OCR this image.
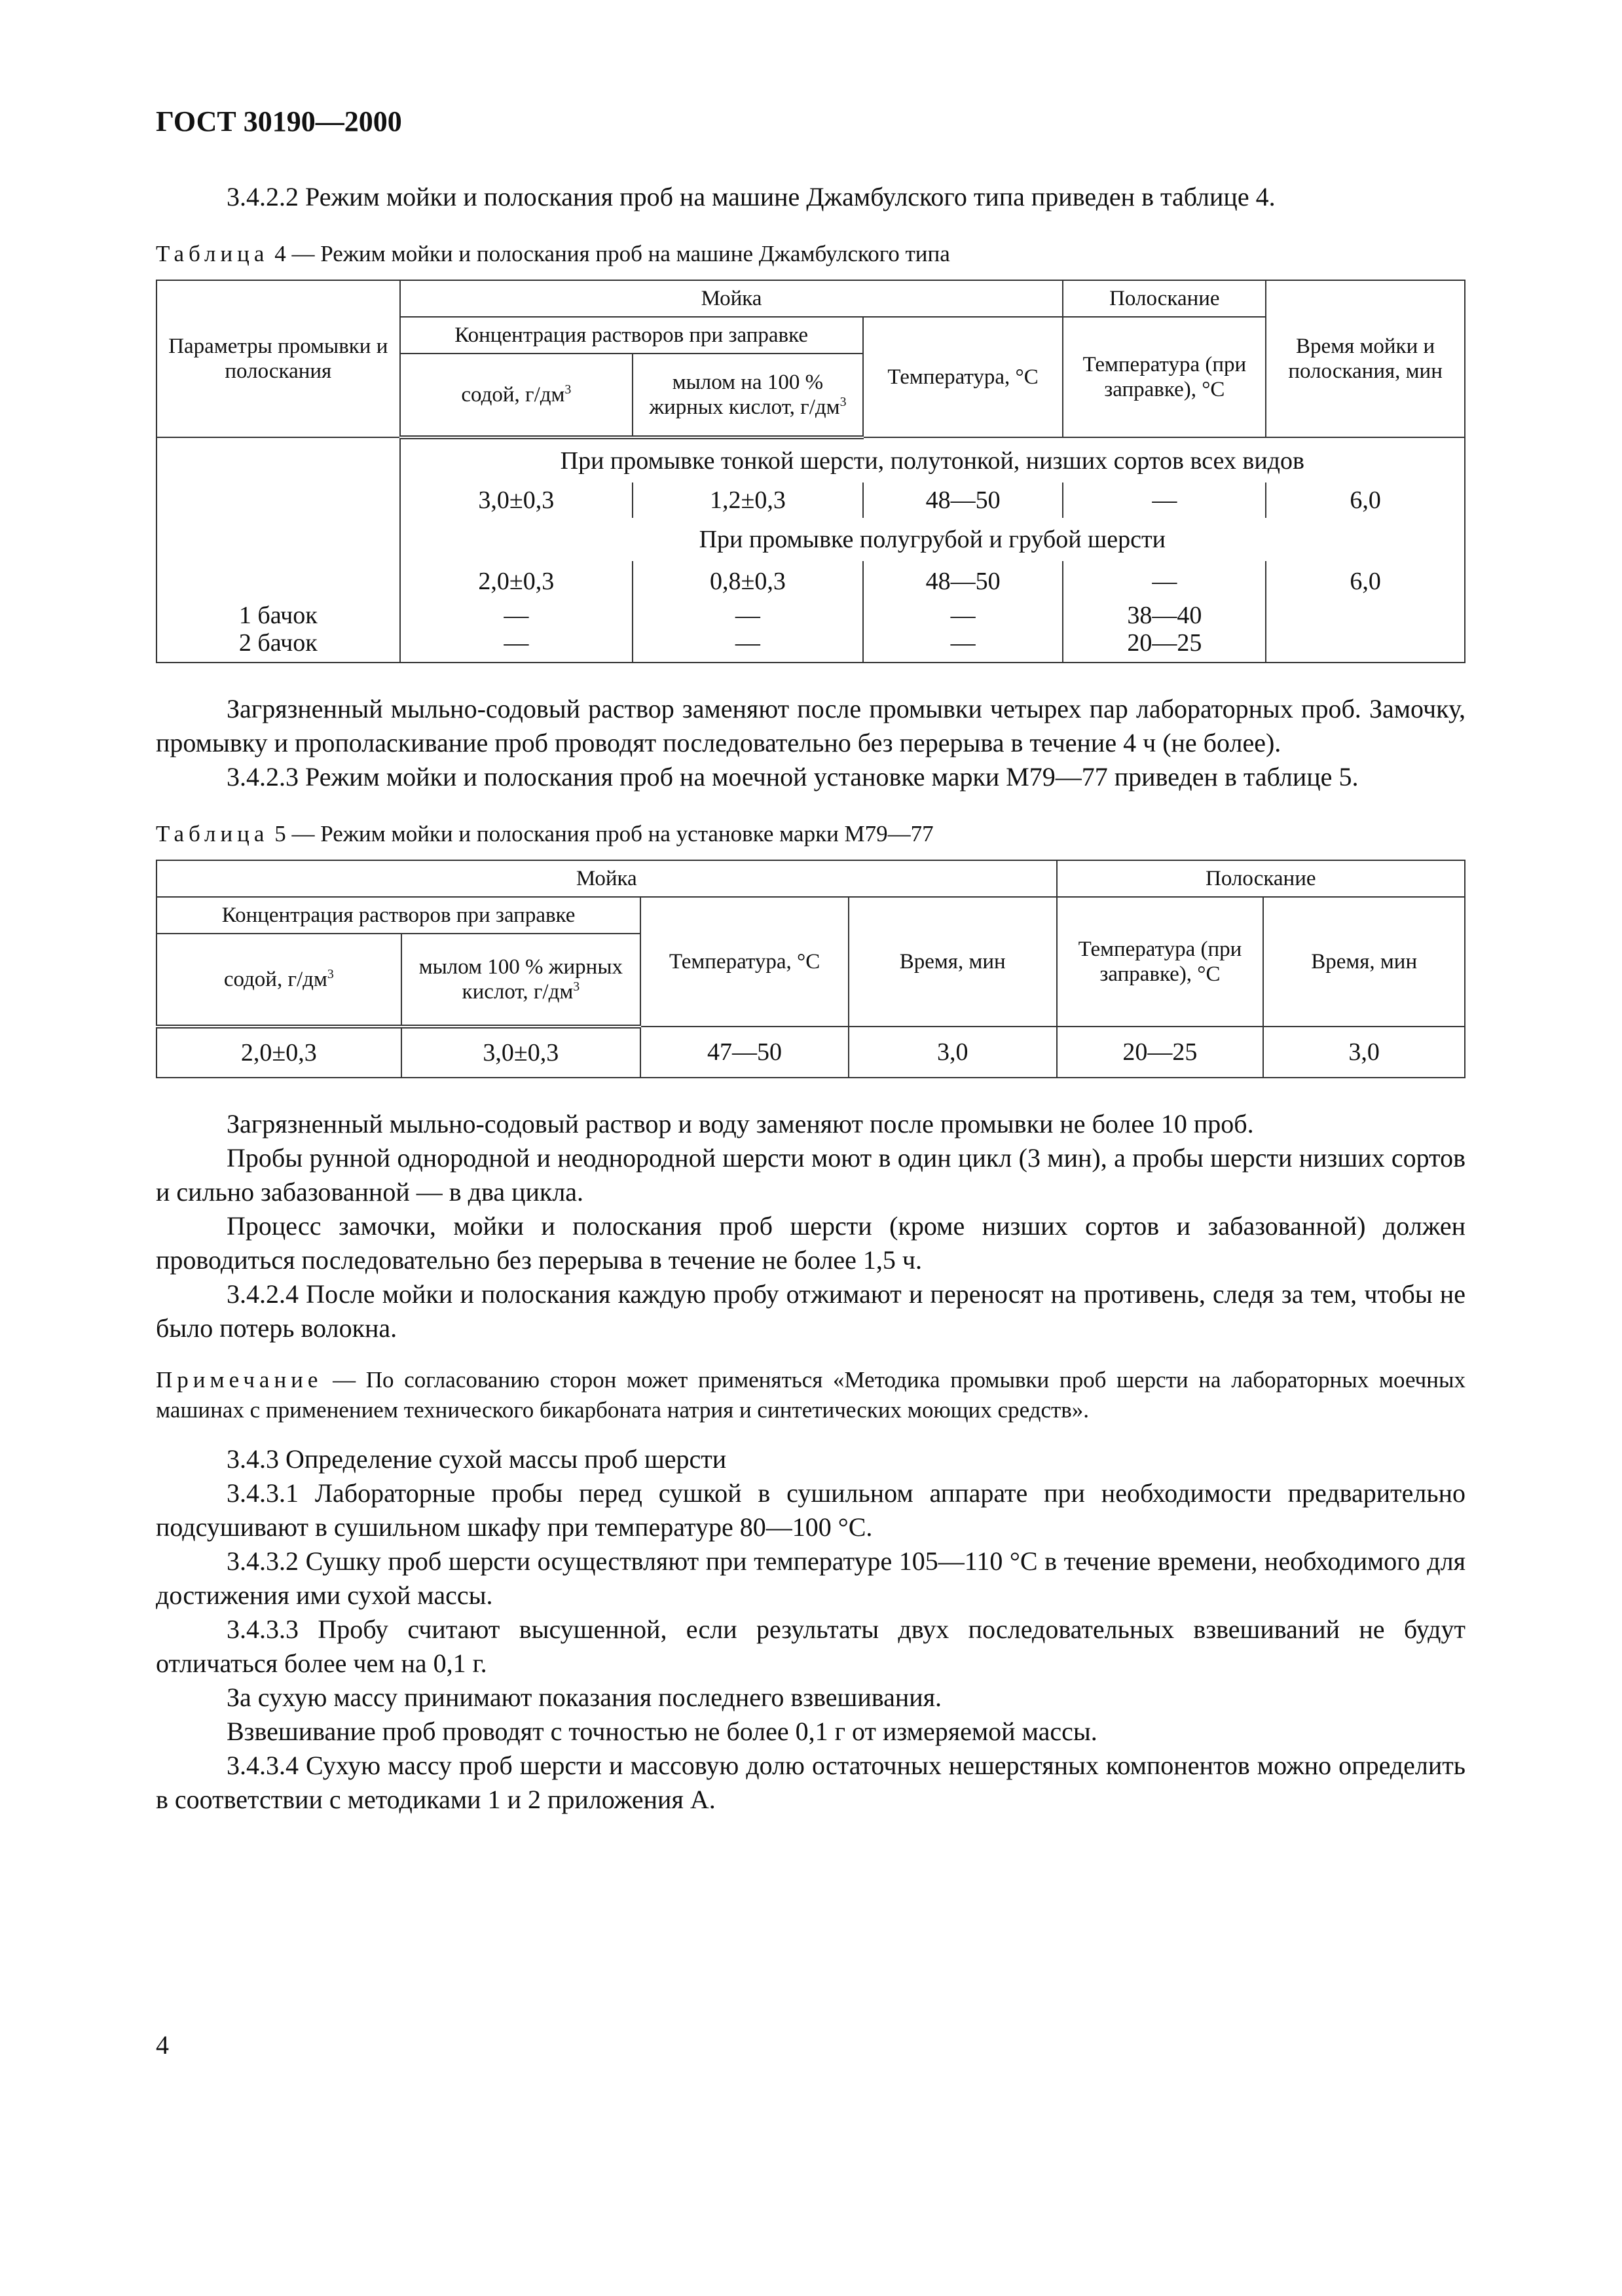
ГОСТ 30190—2000

3.4.2.2 Режим мойки и полоскания проб на машине Джамбулского типа приведен в таблице 4.

Таблица 4 — Режим мойки и полоскания проб на машине Джамбулского типа
Параметры промывки и полоскания	Мойка			Полоскание	Время мойки и полоскания, мин
	Концентрация растворов при заправке		Температура, °С	Температура (при заправке), °С	
	содой, $г/дм^3$	мылом на 100 % жирных кислот, $г/дм^3$
	При промывке тонкой шерсти, полутонкой, низших сортов всех видов				
	3,0±0,3	1,2±0,3	48—50	—	6,0
	При промывке полугрубой и грубой шерсти				
	2,0±0,3	0,8±0,3	48—50	—	6,0
1 бачок	—	—	—	38—40	
2 бачок	—	—	—	20—25	

Загрязненный мыльно-содовый раствор заменяют после промывки четырех пар лабораторных проб. Замочку, промывку и прополаскивание проб проводят последовательно без перерыва в течение 4 ч (не более).

3.4.2.3 Режим мойки и полоскания проб на моечной установке марки М79—77 приведен в таблице 5.

Таблица 5 — Режим мойки и полоскания проб на установке марки М79—77
Мойка				Полоскание	
Концентрация растворов при заправке		Температура, °С	Время, мин	Температура (при заправке), °С	Время, мин
содой, $г/дм^3$	мылом 100 % жирных кислот, $г/дм^3$
2,0±0,3	3,0±0,3	47—50	3,0	20—25	3,0

Загрязненный мыльно-содовый раствор и воду заменяют после промывки не более 10 проб.

Пробы рунной однородной и неоднородной шерсти моют в один цикл (3 мин), а пробы шерсти низших сортов и сильно забазованной — в два цикла.

Процесс замочки, мойки и полоскания проб шерсти (кроме низших сортов и забазованной) должен проводиться последовательно без перерыва в течение не более 1,5 ч.

3.4.2.4 После мойки и полоскания каждую пробу отжимают и переносят на противень, следя за тем, чтобы не было потерь волокна.

Примечание — По согласованию сторон может применяться «Методика промывки проб шерсти на лабораторных моечных машинах с применением технического бикарбоната натрия и синтетических моющих средств».

3.4.3 Определение сухой массы проб шерсти

3.4.3.1 Лабораторные пробы перед сушкой в сушильном аппарате при необходимости предварительно подсушивают в сушильном шкафу при температуре 80—100 °С.

3.4.3.2 Сушку проб шерсти осуществляют при температуре 105—110 °С в течение времени, необходимого для достижения ими сухой массы.

3.4.3.3 Пробу считают высушенной, если результаты двух последовательных взвешиваний не будут отличаться более чем на 0,1 г.

За сухую массу принимают показания последнего взвешивания.

Взвешивание проб проводят с точностью не более 0,1 г от измеряемой массы.

3.4.3.4 Сухую массу проб шерсти и массовую долю остаточных нешерстяных компонентов можно определить в соответствии с методиками 1 и 2 приложения А.

4
